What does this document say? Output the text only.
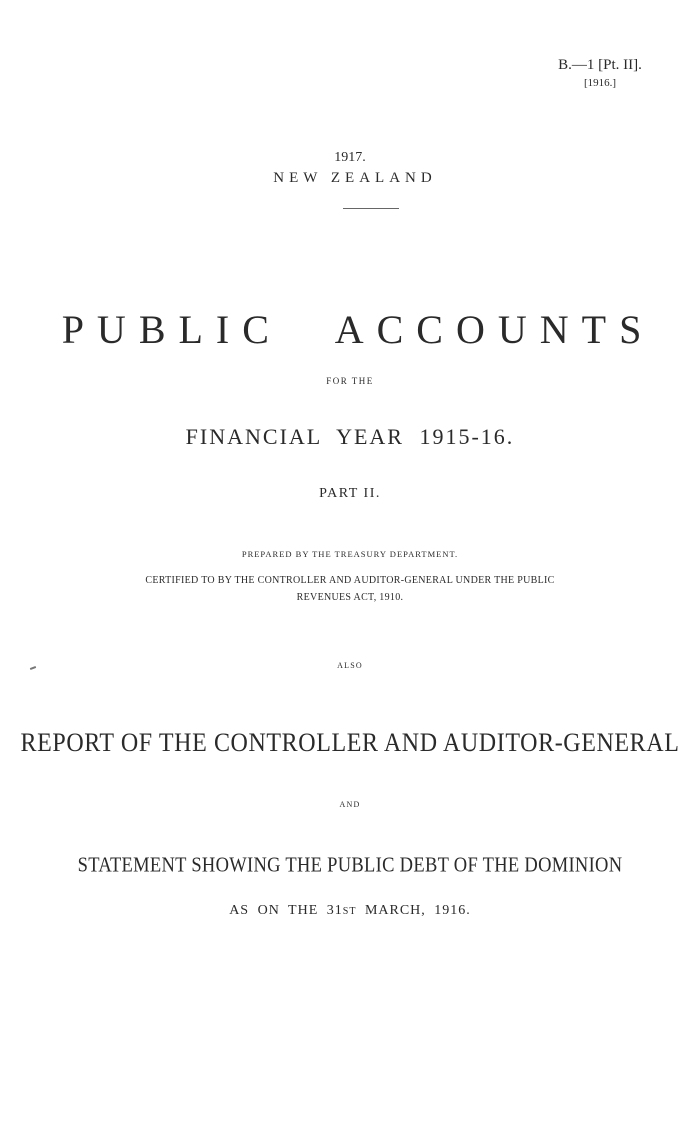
B.—1 [Pt. II].
[1916.]
1917.
NEW ZEALAND
PUBLIC ACCOUNTS
FOR THE
FINANCIAL YEAR 1915-16.
PART II.
PREPARED BY THE TREASURY DEPARTMENT.
CERTIFIED TO BY THE CONTROLLER AND AUDITOR-GENERAL UNDER THE PUBLIC
REVENUES ACT, 1910.
ALSO
REPORT OF THE CONTROLLER AND AUDITOR-GENERAL
AND
STATEMENT SHOWING THE PUBLIC DEBT OF THE DOMINION
AS ON THE 31ST MARCH, 1916.
